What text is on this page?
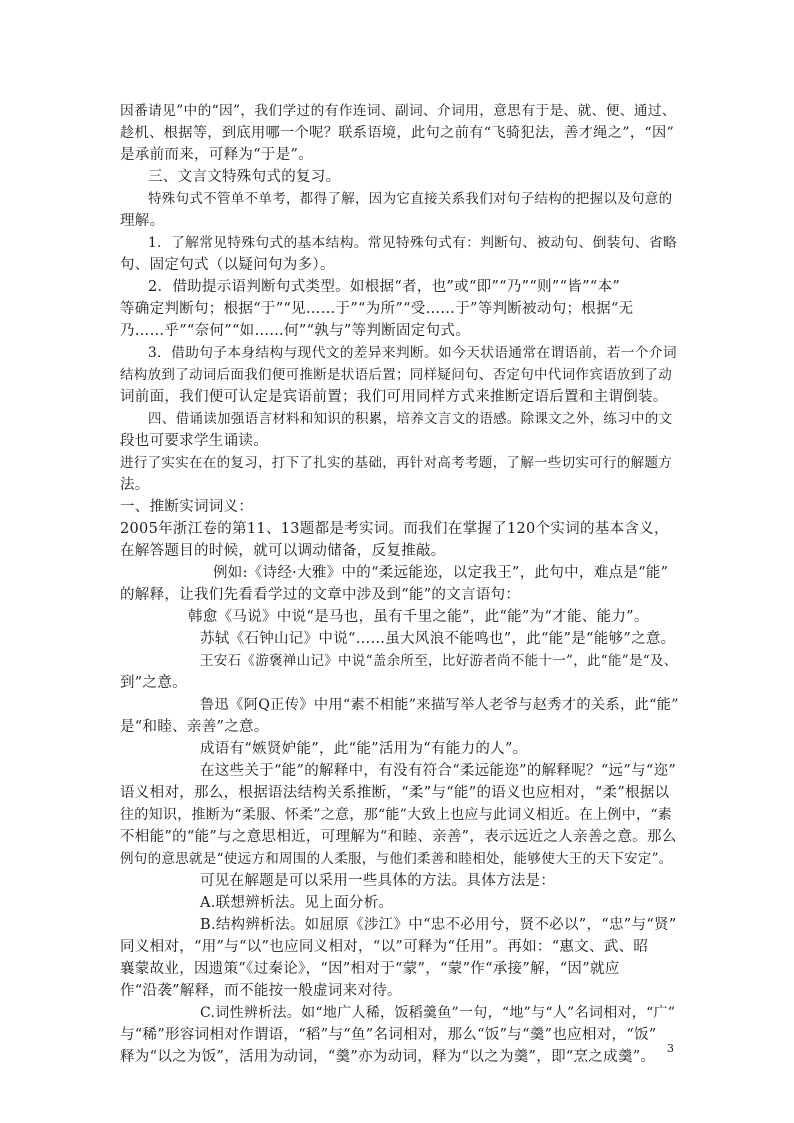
因番请见”中的“因”，我们学过的有作连词、副词、介词用，意思有于是、就、便、通过、
趁机、根据等，到底用哪一个呢？联系语境，此句之前有“飞骑犯法，善才绳之”，“因”
是承前而来，可释为“于是”。
三、文言文特殊句式的复习。
特殊句式不管单不单考，都得了解，因为它直接关系我们对句子结构的把握以及句意的
理解。
1．了解常见特殊句式的基本结构。常见特殊句式有：判断句、被动句、倒装句、省略
句、固定句式（以疑问句为多）。
2．借助提示语判断句式类型。如根据“者，也”或“即”“乃”“则”“皆”“本”
等确定判断句；根据“于”“见……于”“为所”“受……于”等判断被动句；根据“无
乃……乎”“奈何”“如……何”“孰与”等判断固定句式。
3．借助句子本身结构与现代文的差异来判断。如今天状语通常在谓语前，若一个介词
结构放到了动词后面我们便可推断是状语后置；同样疑问句、否定句中代词作宾语放到了动
词前面，我们便可认定是宾语前置；我们可用同样方式来推断定语后置和主谓倒装。
四、借诵读加强语言材料和知识的积累，培养文言文的语感。除课文之外，练习中的文
段也可要求学生诵读。
进行了实实在在的复习，打下了扎实的基础，再针对高考考题，了解一些切实可行的解题方
法。
一、推断实词词义：
2005年浙江卷的第11、13题都是考实词。而我们在掌握了120个实词的基本含义，
在解答题目的时候，就可以调动储备，反复推敲。
例如:《诗经·大雅》中的“柔远能迩，以定我王”，此句中，难点是“能”
的解释，让我们先看看学过的文章中涉及到“能”的文言语句：
韩愈《马说》中说“是马也，虽有千里之能”，此“能”为“才能、能力”。
苏轼《石钟山记》中说“……虽大风浪不能鸣也”，此“能”是“能够”之意。
王安石《游褒禅山记》中说“盖余所至，比好游者尚不能十一”，此“能”是“及、
到”之意。
鲁迅《阿Q正传》中用“素不相能”来描写举人老爷与赵秀才的关系，此“能”
是“和睦、亲善”之意。
成语有“嫉贤妒能”，此“能”活用为“有能力的人”。
在这些关于“能”的解释中，有没有符合“柔远能迩”的解释呢？“远”与“迩”
语义相对，那么，根据语法结构关系推断，“柔”与“能”的语义也应相对，“柔”根据以
往的知识，推断为“柔服、怀柔”之意，那“能”大致上也应与此词义相近。在上例中，“素
不相能”的“能”与之意思相近，可理解为“和睦、亲善”，表示远近之人亲善之意。那么
例句的意思就是“使远方和周围的人柔服，与他们柔善和睦相处，能够使大王的天下安定”。
可见在解题是可以采用一些具体的方法。具体方法是：
A.联想辨析法。见上面分析。
B.结构辨析法。如屈原《涉江》中“忠不必用兮，贤不必以”，“忠”与“贤”
同义相对，“用”与“以”也应同义相对，“以”可释为“任用”。再如：“惠文、武、昭
襄蒙故业，因遗策”《过秦论》，“因”相对于“蒙”，“蒙”作“承接”解，“因”就应
作“沿袭”解释，而不能按一般虚词来对待。
C.词性辨析法。如“地广人稀，饭稻羹鱼”一句，“地”与“人”名词相对，“广”
与“稀”形容词相对作谓语，“稻”与“鱼”名词相对，那么“饭”与“羹”也应相对，“饭”
释为“以之为饭”，活用为动词，“羹”亦为动词，释为“以之为羹”，即“烹之成羹”。
3
